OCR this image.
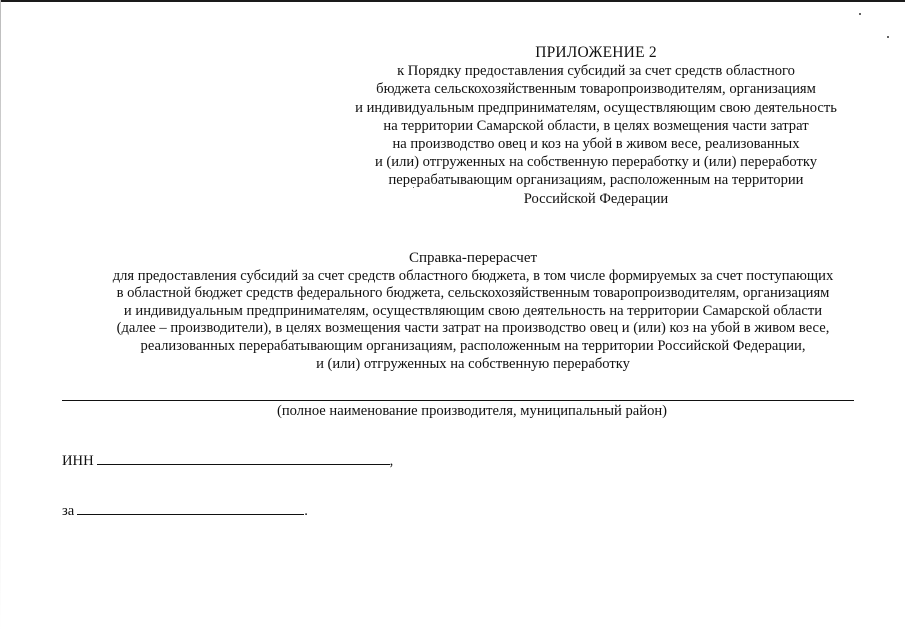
ПРИЛОЖЕНИЕ 2
к Порядку предоставления субсидий за счет средств областного
бюджета сельскохозяйственным товаропроизводителям, организациям
и индивидуальным предпринимателям, осуществляющим свою деятельность
на территории Самарской области, в целях возмещения части затрат
на производство овец и коз на убой в живом весе, реализованных
и (или) отгруженных на собственную переработку и (или) переработку
перерабатывающим организациям, расположенным на территории
Российской Федерации
Справка-перерасчет
для предоставления субсидий за счет средств областного бюджета, в том числе формируемых за счет поступающих
в областной бюджет средств федерального бюджета, сельскохозяйственным товаропроизводителям, организациям
и индивидуальным предпринимателям, осуществляющим свою деятельность на территории Самарской области
(далее – производители), в целях возмещения части затрат на производство овец и (или) коз на убой в живом весе,
реализованных перерабатывающим организациям, расположенным на территории Российской Федерации,
и (или) отгруженных на собственную переработку
(полное наименование производителя, муниципальный район)
ИНН	,
за	.
